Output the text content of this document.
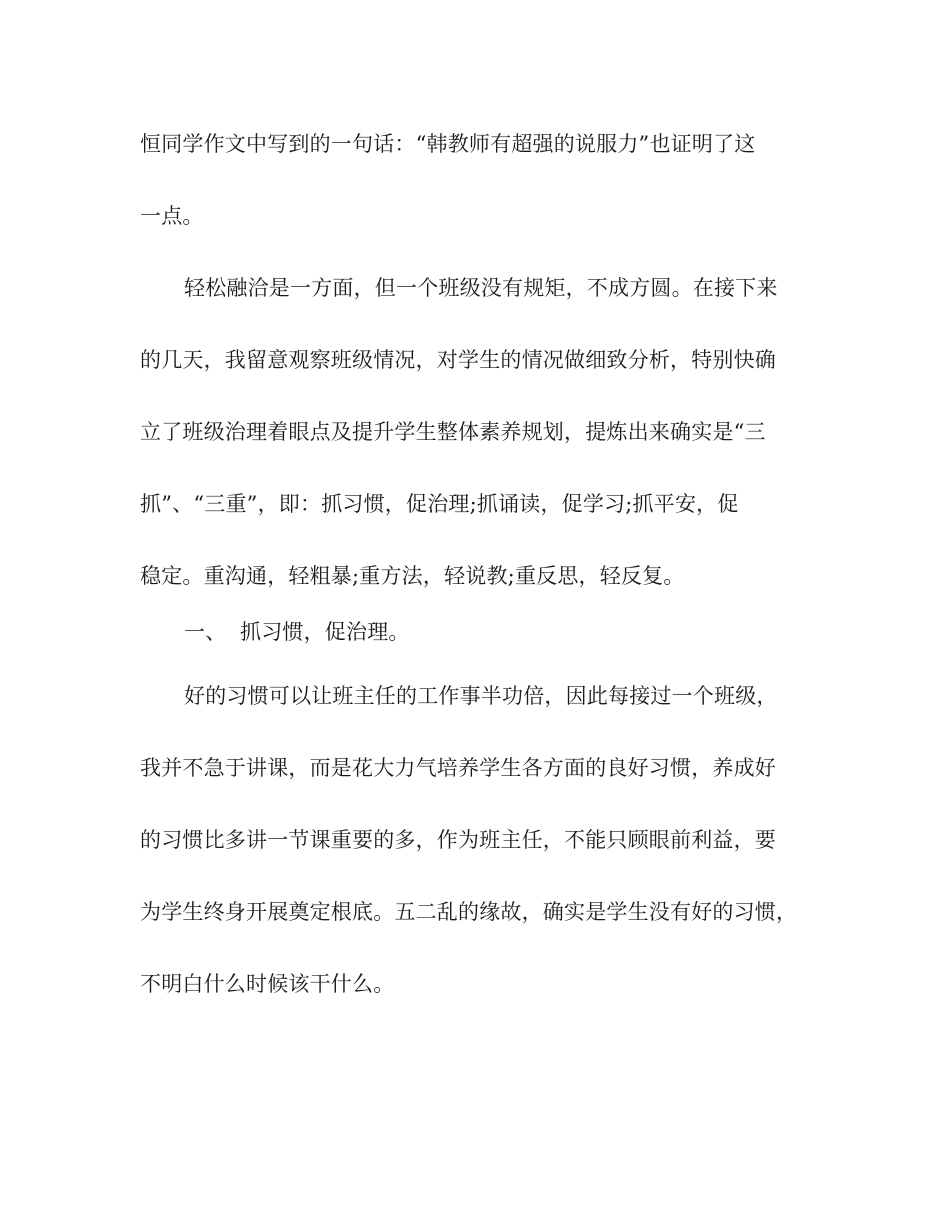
恒同学作文中写到的一句话：“韩教师有超强的说服力”也证明了这
一点。
轻松融洽是一方面，但一个班级没有规矩，不成方圆。在接下来
的几天，我留意观察班级情况，对学生的情况做细致分析，特别快确
立了班级治理着眼点及提升学生整体素养规划，提炼出来确实是“三
抓”、“三重”，即：抓习惯，促治理;抓诵读，促学习;抓平安，促
稳定。重沟通，轻粗暴;重方法，轻说教;重反思，轻反复。
一、 抓习惯，促治理。
好的习惯可以让班主任的工作事半功倍，因此每接过一个班级，
我并不急于讲课，而是花大力气培养学生各方面的良好习惯，养成好
的习惯比多讲一节课重要的多，作为班主任，不能只顾眼前利益，要
为学生终身开展奠定根底。五二乱的缘故，确实是学生没有好的习惯，
不明白什么时候该干什么。
